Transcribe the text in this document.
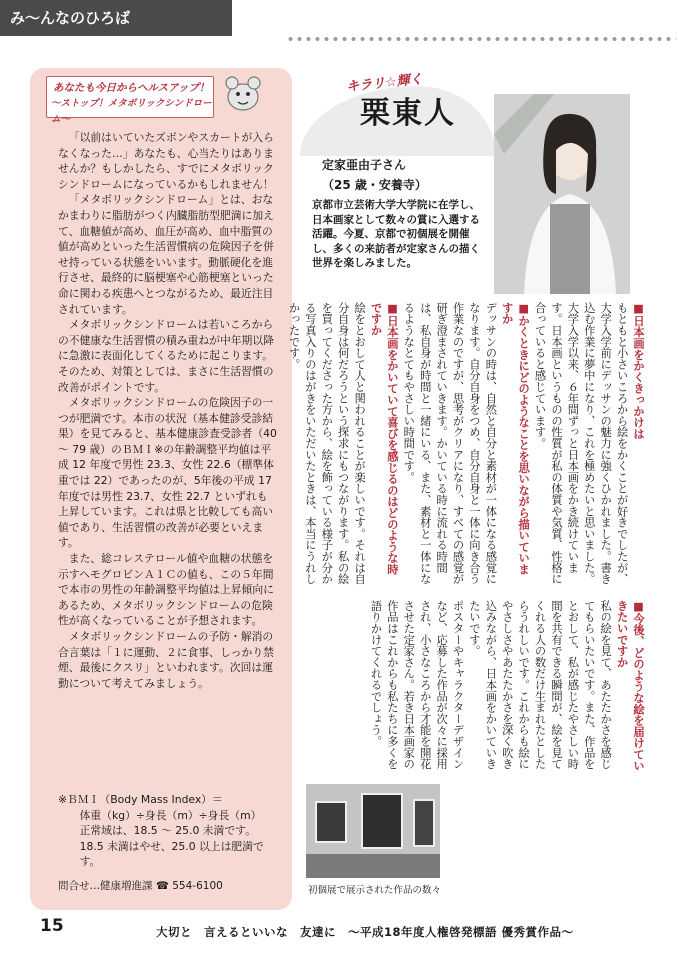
み～んなのひろば
あなたも今日からヘルスアップ！
～ストップ！メタボリックシンドローム～

「以前はいていたズボンやスカートが入らなくなった…」あなたも、心当たりはありませんか？もしかしたら、すでにメタボリックシンドロームになっているかもしれません！

「メタボリックシンドローム」とは、おなかまわりに脂肪がつく内臓脂肪型肥満に加えて、血糖値が高め、血圧が高め、血中脂質の値が高めといった生活習慣病の危険因子を併せ持っている状態をいいます。動脈硬化を進行させ、最終的に脳梗塞や心筋梗塞といった命に関わる疾患へとつながるため、最近注目されています。

メタボリックシンドロームは若いころからの不健康な生活習慣の積み重ねが中年期以降に急激に表面化してくるために起こります。そのため、対策としては、まさに生活習慣の改善がポイントです。

メタボリックシンドロームの危険因子の一つが肥満です。本市の状況（基本健診受診結果）を見てみると、基本健康診査受診者（40 ～ 79 歳）のＢＭＩ※の年齢調整平均値は平成 12 年度で男性 23.3、女性 22.6（標準体重では 22）であったのが、5年後の平成 17 年度では男性 23.7、女性 22.7 といずれも上昇しています。これは県と比較しても高い値であり、生活習慣の改善が必要といえます。

また、総コレステロール値や血糖の状態を示すヘモグロビンＡ１Ｃの値も、この５年間で本市の男性の年齢調整平均値は上昇傾向にあるため、メタボリックシンドロームの危険性が高くなっていることが予想されます。

メタボリックシンドロームの予防・解消の合言葉は「１に運動、２に食事、しっかり禁煙、最後にクスリ」といわれます。次回は運動について考えてみましょう。

※ＢＭＩ（Body Mass Index）＝
体重（kg）÷身長（m）÷身長（m）
正常域は、18.5 ～ 25.0 未満です。
18.5 未満はやせ、25.0 以上は肥満です。
問合せ…健康増進課 ☎ 554-6100
キラリ☆輝く
栗東人
定家亜由子さん
（25 歳・安養寺）
京都市立芸術大学大学院に在学し、日本画家として数々の賞に入選する活躍。今夏、京都で初個展を開催し、多くの来訪者が定家さんの描く世界を楽しみました。
■ 日本画をかくきっかけは
もともと小さいころから絵をかくことが好きでしたが、大学入学前にデッサンの魅力に強くひかれました。書き込む作業に夢中になり、これを極めたいと思いました。大学入学以来、６年間ずっと日本画をかき続けています。日本画というものの性質が私の体質や気質、性格に合っていると感じています。
■ かくときにどのようなことを思いながら描いていますか
デッサンの時は、自然と自分と素材が一体になる感覚になります。自分自身をつめ、自分自身と一体に向き合う作業なのですが、思考がクリアになり、すべての感覚が研ぎ澄まされていきます。かいている時に流れる時間は、私自身が時間と一緒にいる、また、素材と一体になるようなとてもやさしい時間です。
■ 日本画をかいていて喜びを感じるのはどのような時ですか
絵をとおして人と関われることが楽しいです。それは自分自身は何だろうという探求にもつながります。私の絵を買ってくださった方から、絵を飾っている様子が分かる写真入りのはがきをいただいたときは、本当にうれしかったです。
■ 今後、どのような絵を届けていきたいですか
私の絵を見て、あたたかさを感じてもらいたいです。また、作品をとおして、私が感じたやさしい時間を共有できる瞬間が、絵を見てくれる人の数だけ生まれたとしたらうれしいです。これからも絵にやさしさやあたたかさを深く吹き込みながら、日本画をかいていきたいです。
ポスターやキャラクターデザインなど、応募した作品が次々に採用され、小さなころから才能を開花させた定家さん。若き日本画家の作品はこれからも私たちに多くを語りかけてくれるでしょう。
初個展で展示された作品の数々
15	大切と　言えるといいな　友達に　～平成18年度人権啓発標語 優秀賞作品～
